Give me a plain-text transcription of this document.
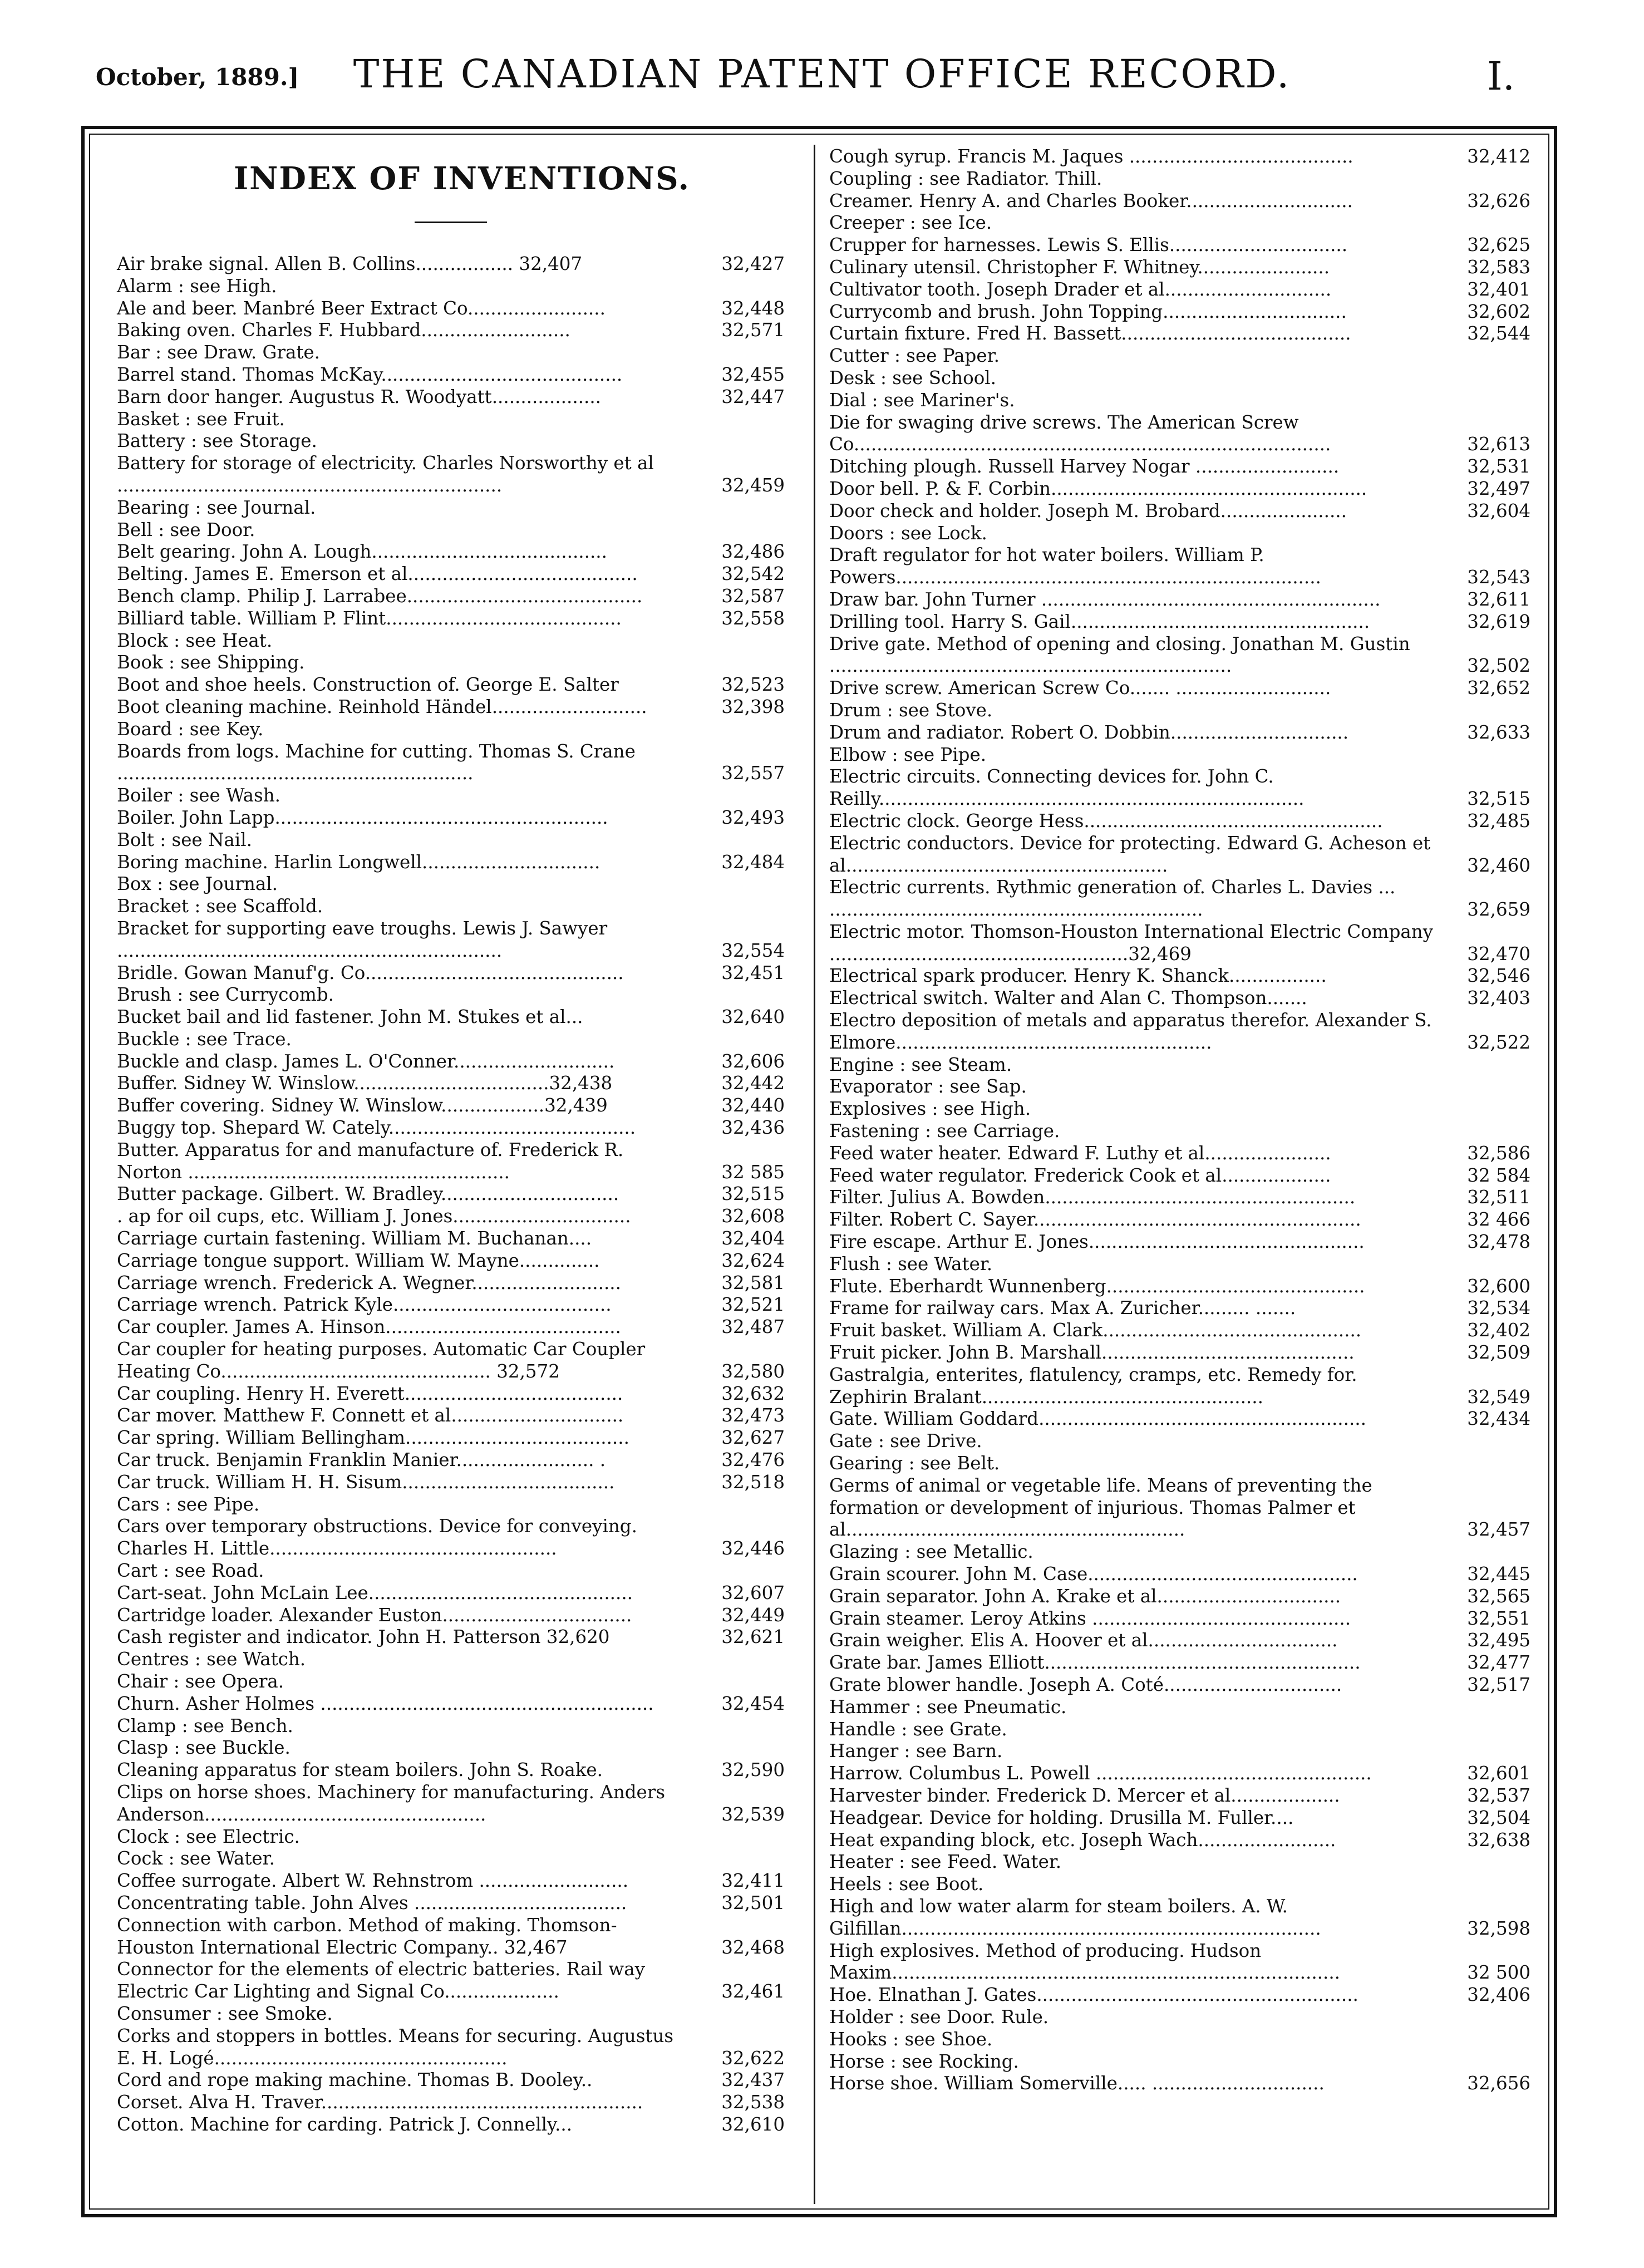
October, 1889.]	THE CANADIAN PATENT OFFICE RECORD.	I.
INDEX OF INVENTIONS.
Air brake signal. Allen B. Collins................. 32,407	32,427
Alarm : see High.
Ale and beer. Manbré Beer Extract Co........................	32,448
Baking oven. Charles F. Hubbard..........................	32,571
Bar : see Draw. Grate.
Barrel stand. Thomas McKay..........................................	32,455
Barn door hanger. Augustus R. Woodyatt...................	32,447
Basket : see Fruit.
Battery : see Storage.
Battery for storage of electricity. Charles Norsworthy et al ...................................................................	32,459
Bearing : see Journal.
Bell : see Door.
Belt gearing. John A. Lough.........................................	32,486
Belting. James E. Emerson et al........................................	32,542
Bench clamp. Philip J. Larrabee.........................................	32,587
Billiard table. William P. Flint.........................................	32,558
Block : see Heat.
Book : see Shipping.
Boot and shoe heels. Construction of. George E. Salter	32,523
Boot cleaning machine. Reinhold Händel...........................	32,398
Board : see Key.
Boards from logs. Machine for cutting. Thomas S. Crane ..............................................................	32,557
Boiler : see Wash.
Boiler. John Lapp..........................................................	32,493
Bolt : see Nail.
Boring machine. Harlin Longwell...............................	32,484
Box : see Journal.
Bracket : see Scaffold.
Bracket for supporting eave troughs. Lewis J. Sawyer ...................................................................	32,554
Bridle. Gowan Manuf'g. Co.............................................	32,451
Brush : see Currycomb.
Bucket bail and lid fastener. John M. Stukes et al...	32,640
Buckle : see Trace.
Buckle and clasp. James L. O'Conner............................	32,606
Buffer. Sidney W. Winslow..................................32,438	32,442
Buffer covering. Sidney W. Winslow..................32,439	32,440
Buggy top. Shepard W. Cately...........................................	32,436
Butter. Apparatus for and manufacture of. Frederick R. Norton ........................................................	32 585
Butter package. Gilbert. W. Bradley...............................	32,515
. ap for oil cups, etc. William J. Jones...............................	32,608
Carriage curtain fastening. William M. Buchanan....	32,404
Carriage tongue support. William W. Mayne..............	32,624
Carriage wrench. Frederick A. Wegner..........................	32,581
Carriage wrench. Patrick Kyle......................................	32,521
Car coupler. James A. Hinson.........................................	32,487
Car coupler for heating purposes. Automatic Car Coupler Heating Co............................................... 32,572	32,580
Car coupling. Henry H. Everett......................................	32,632
Car mover. Matthew F. Connett et al..............................	32,473
Car spring. William Bellingham.......................................	32,627
Car truck. Benjamin Franklin Manier........................ .	32,476
Car truck. William H. H. Sisum.....................................	32,518
Cars : see Pipe.
Cars over temporary obstructions. Device for conveying. Charles H. Little..................................................	32,446
Cart : see Road.
Cart-seat. John McLain Lee..............................................	32,607
Cartridge loader. Alexander Euston.................................	32,449
Cash register and indicator. John H. Patterson 32,620	32,621
Centres : see Watch.
Chair : see Opera.
Churn. Asher Holmes ..........................................................	32,454
Clamp : see Bench.
Clasp : see Buckle.
Cleaning apparatus for steam boilers. John S. Roake.	32,590
Clips on horse shoes. Machinery for manufacturing. Anders Anderson.................................................	32,539
Clock : see Electric.
Cock : see Water.
Coffee surrogate. Albert W. Rehnstrom ..........................	32,411
Concentrating table. John Alves .....................................	32,501
Connection with carbon. Method of making. Thomson-Houston International Electric Company.. 32,467	32,468
Connector for the elements of electric batteries. Rail way Electric Car Lighting and Signal Co....................	32,461
Consumer : see Smoke.
Corks and stoppers in bottles. Means for securing. Augustus E. H. Logé...................................................	32,622
Cord and rope making machine. Thomas B. Dooley..	32,437
Corset. Alva H. Traver........................................................	32,538
Cotton. Machine for carding. Patrick J. Connelly...	32,610
Cough syrup. Francis M. Jaques .......................................	32,412
Coupling : see Radiator. Thill.
Creamer. Henry A. and Charles Booker.............................	32,626
Creeper : see Ice.
Crupper for harnesses. Lewis S. Ellis...............................	32,625
Culinary utensil. Christopher F. Whitney.......................	32,583
Cultivator tooth. Joseph Drader et al.............................	32,401
Currycomb and brush. John Topping................................	32,602
Curtain fixture. Fred H. Bassett........................................	32,544
Cutter : see Paper.
Desk : see School.
Dial : see Mariner's.
Die for swaging drive screws. The American Screw Co...................................................................................	32,613
Ditching plough. Russell Harvey Nogar .........................	32,531
Door bell. P. & F. Corbin.......................................................	32,497
Door check and holder. Joseph M. Brobard......................	32,604
Doors : see Lock.
Draft regulator for hot water boilers. William P. Powers..........................................................................	32,543
Draw bar. John Turner ...........................................................	32,611
Drilling tool. Harry S. Gail....................................................	32,619
Drive gate. Method of opening and closing. Jonathan M. Gustin ......................................................................	32,502
Drive screw. American Screw Co....... ...........................	32,652
Drum : see Stove.
Drum and radiator. Robert O. Dobbin...............................	32,633
Elbow : see Pipe.
Electric circuits. Connecting devices for. John C. Reilly..........................................................................	32,515
Electric clock. George Hess....................................................	32,485
Electric conductors. Device for protecting. Edward G. Acheson et al........................................................	32,460
Electric currents. Rythmic generation of. Charles L. Davies ... .................................................................	32,659
Electric motor. Thomson-Houston International Electric Company ....................................................32,469	32,470
Electrical spark producer. Henry K. Shanck.................	32,546
Electrical switch. Walter and Alan C. Thompson.......	32,403
Electro deposition of metals and apparatus therefor. Alexander S. Elmore.......................................................	32,522
Engine : see Steam.
Evaporator : see Sap.
Explosives : see High.
Fastening : see Carriage.
Feed water heater. Edward F. Luthy et al......................	32,586
Feed water regulator. Frederick Cook et al...................	32 584
Filter. Julius A. Bowden......................................................	32,511
Filter. Robert C. Sayer.........................................................	32 466
Fire escape. Arthur E. Jones................................................	32,478
Flush : see Water.
Flute. Eberhardt Wunnenberg.............................................	32,600
Frame for railway cars. Max A. Zuricher......... .......	32,534
Fruit basket. William A. Clark.............................................	32,402
Fruit picker. John B. Marshall............................................	32,509
Gastralgia, enterites, flatulency, cramps, etc. Remedy for. Zephirin Bralant.................................................	32,549
Gate. William Goddard.........................................................	32,434
Gate : see Drive.
Gearing : see Belt.
Germs of animal or vegetable life. Means of preventing the formation or development of injurious. Thomas Palmer et al...........................................................	32,457
Glazing : see Metallic.
Grain scourer. John M. Case...............................................	32,445
Grain separator. John A. Krake et al................................	32,565
Grain steamer. Leroy Atkins .............................................	32,551
Grain weigher. Elis A. Hoover et al.................................	32,495
Grate bar. James Elliott.......................................................	32,477
Grate blower handle. Joseph A. Coté...............................	32,517
Hammer : see Pneumatic.
Handle : see Grate.
Hanger : see Barn.
Harrow. Columbus L. Powell ................................................	32,601
Harvester binder. Frederick D. Mercer et al...................	32,537
Headgear. Device for holding. Drusilla M. Fuller....	32,504
Heat expanding block, etc. Joseph Wach........................	32,638
Heater : see Feed. Water.
Heels : see Boot.
High and low water alarm for steam boilers. A. W. Gilfillan.........................................................................	32,598
High explosives. Method of producing. Hudson Maxim..............................................................................	32 500
Hoe. Elnathan J. Gates........................................................	32,406
Holder : see Door. Rule.
Hooks : see Shoe.
Horse : see Rocking.
Horse shoe. William Somerville..... ..............................	32,656
